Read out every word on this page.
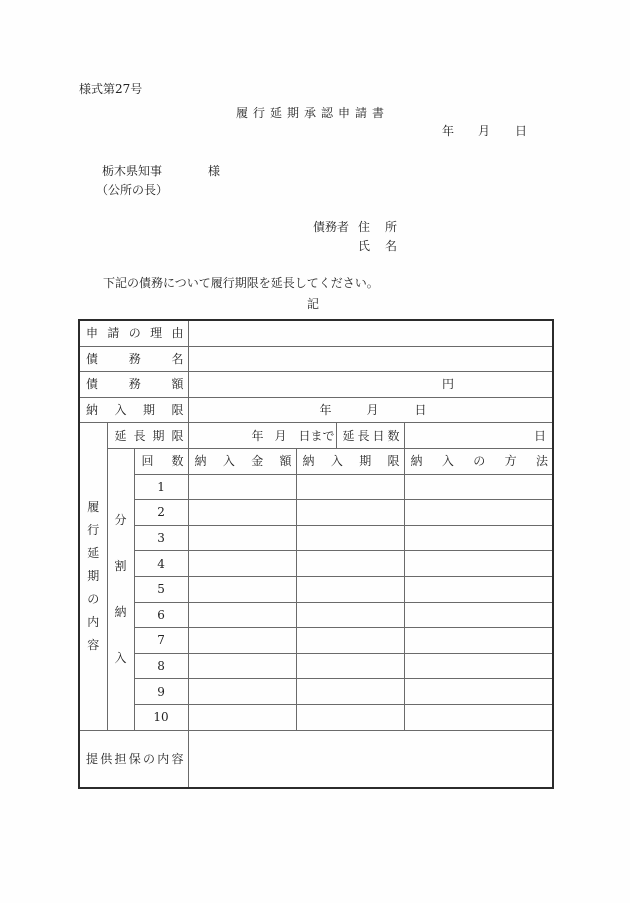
様式第27号
履行延期承認申請書
年 月 日
栃木県知事	様
（公所の長）
債務者 住 所
氏 名
下記の債務について履行期限を延長してください。
記
申請の理由						

債務名						

債務額			円			

納入期限			年 月 日			

履行延期の内容	延長期限		年 月 日まで		延長日数	日

	分割納入	回数	納入金額	納入期限		納入の方法

		1				
		2				
		3				
		4				
		5				
		6				
		7				
		8				
		9				
		10				

提供担保の内容						
